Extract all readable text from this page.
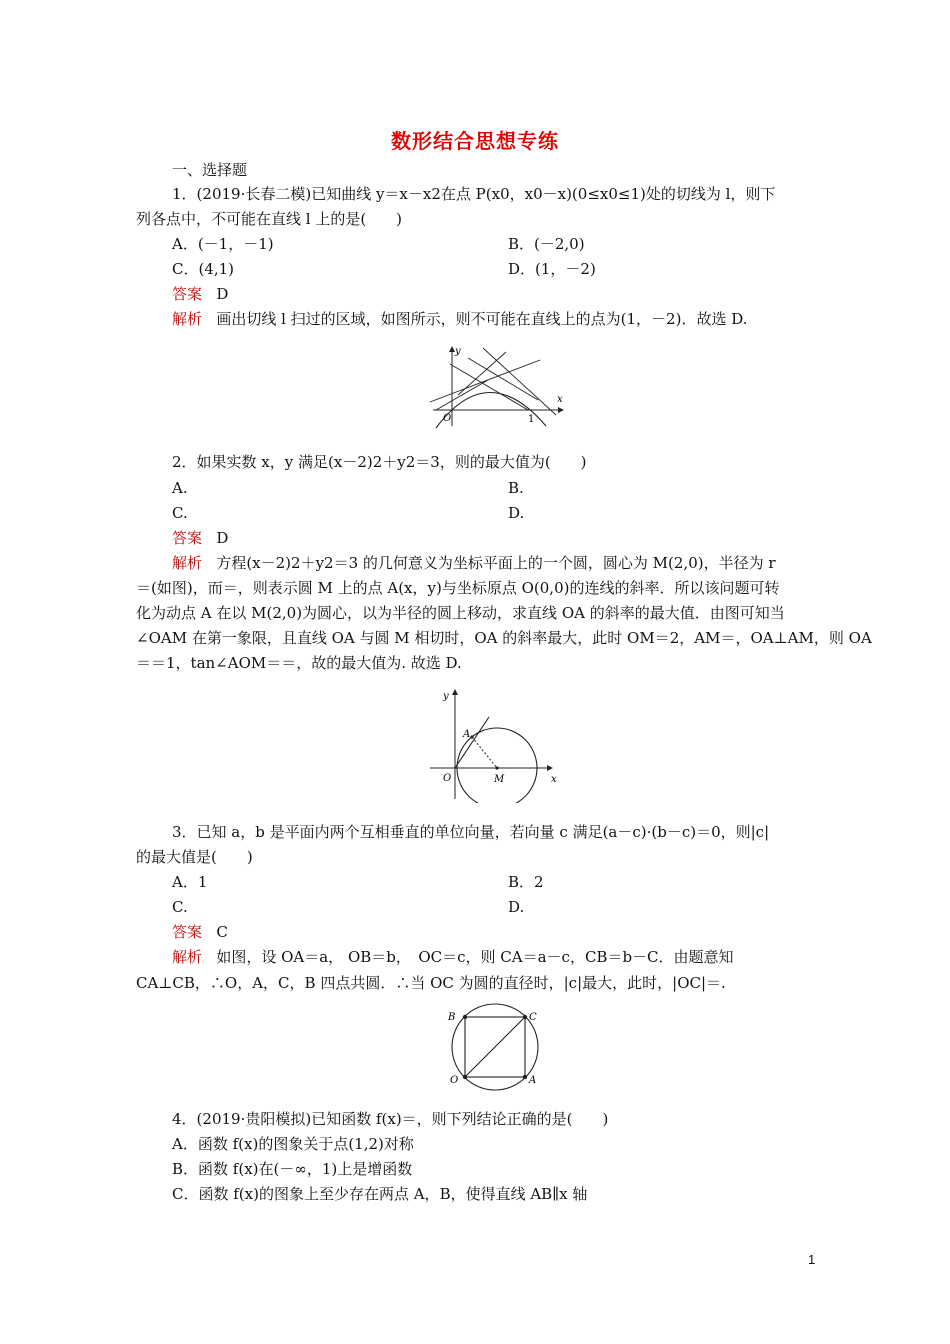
数形结合思想专练
一、选择题
1．(2019·长春二模)已知曲线 y＝x－x2在点 P(x0，x0－x)(0≤x0≤1)处的切线为 l，则下
列各点中，不可能在直线 l 上的是(　　)
A．(－1，－1)	B．(－2,0)
C．(4,1)	D．(1，－2)
答案 D
解析 画出切线 l 扫过的区域，如图所示，则不可能在直线上的点为(1，－2)．故选 D.
y
x
O	1
2．如果实数 x，y 满足(x－2)2＋y2＝3，则的最大值为(　　)
A.	B.
C.	D.
答案 D
解析 方程(x－2)2＋y2＝3 的几何意义为坐标平面上的一个圆，圆心为 M(2,0)，半径为 r
＝(如图)，而＝，则表示圆 M 上的点 A(x，y)与坐标原点 O(0,0)的连线的斜率．所以该问题可转
化为动点 A 在以 M(2,0)为圆心，以为半径的圆上移动，求直线 OA 的斜率的最大值．由图可知当
∠OAM 在第一象限，且直线 OA 与圆 M 相切时，OA 的斜率最大，此时 OM＝2，AM＝，OA⊥AM，则 OA
＝＝1，tan∠AOM＝＝，故的最大值为. 故选 D.
y
A
O	M	x
3．已知 a，b 是平面内两个互相垂直的单位向量，若向量 c 满足(a－c)·(b－c)＝0，则|c|
的最大值是(　　)
A．1	B．2
C.	D.
答案 C
解析 如图，设 OA＝a， OB＝b，　OC＝c，则 CA＝a－c，CB＝b－C．由题意知
CA⊥CB，∴O，A，C，B 四点共圆．∴当 OC 为圆的直径时，|c|最大，此时，|OC|＝.
B	C
O	A
4．(2019·贵阳模拟)已知函数 f(x)＝，则下列结论正确的是(　　)
A．函数 f(x)的图象关于点(1,2)对称
B．函数 f(x)在(－∞，1)上是增函数
C．函数 f(x)的图象上至少存在两点 A，B，使得直线 AB∥x 轴
1
